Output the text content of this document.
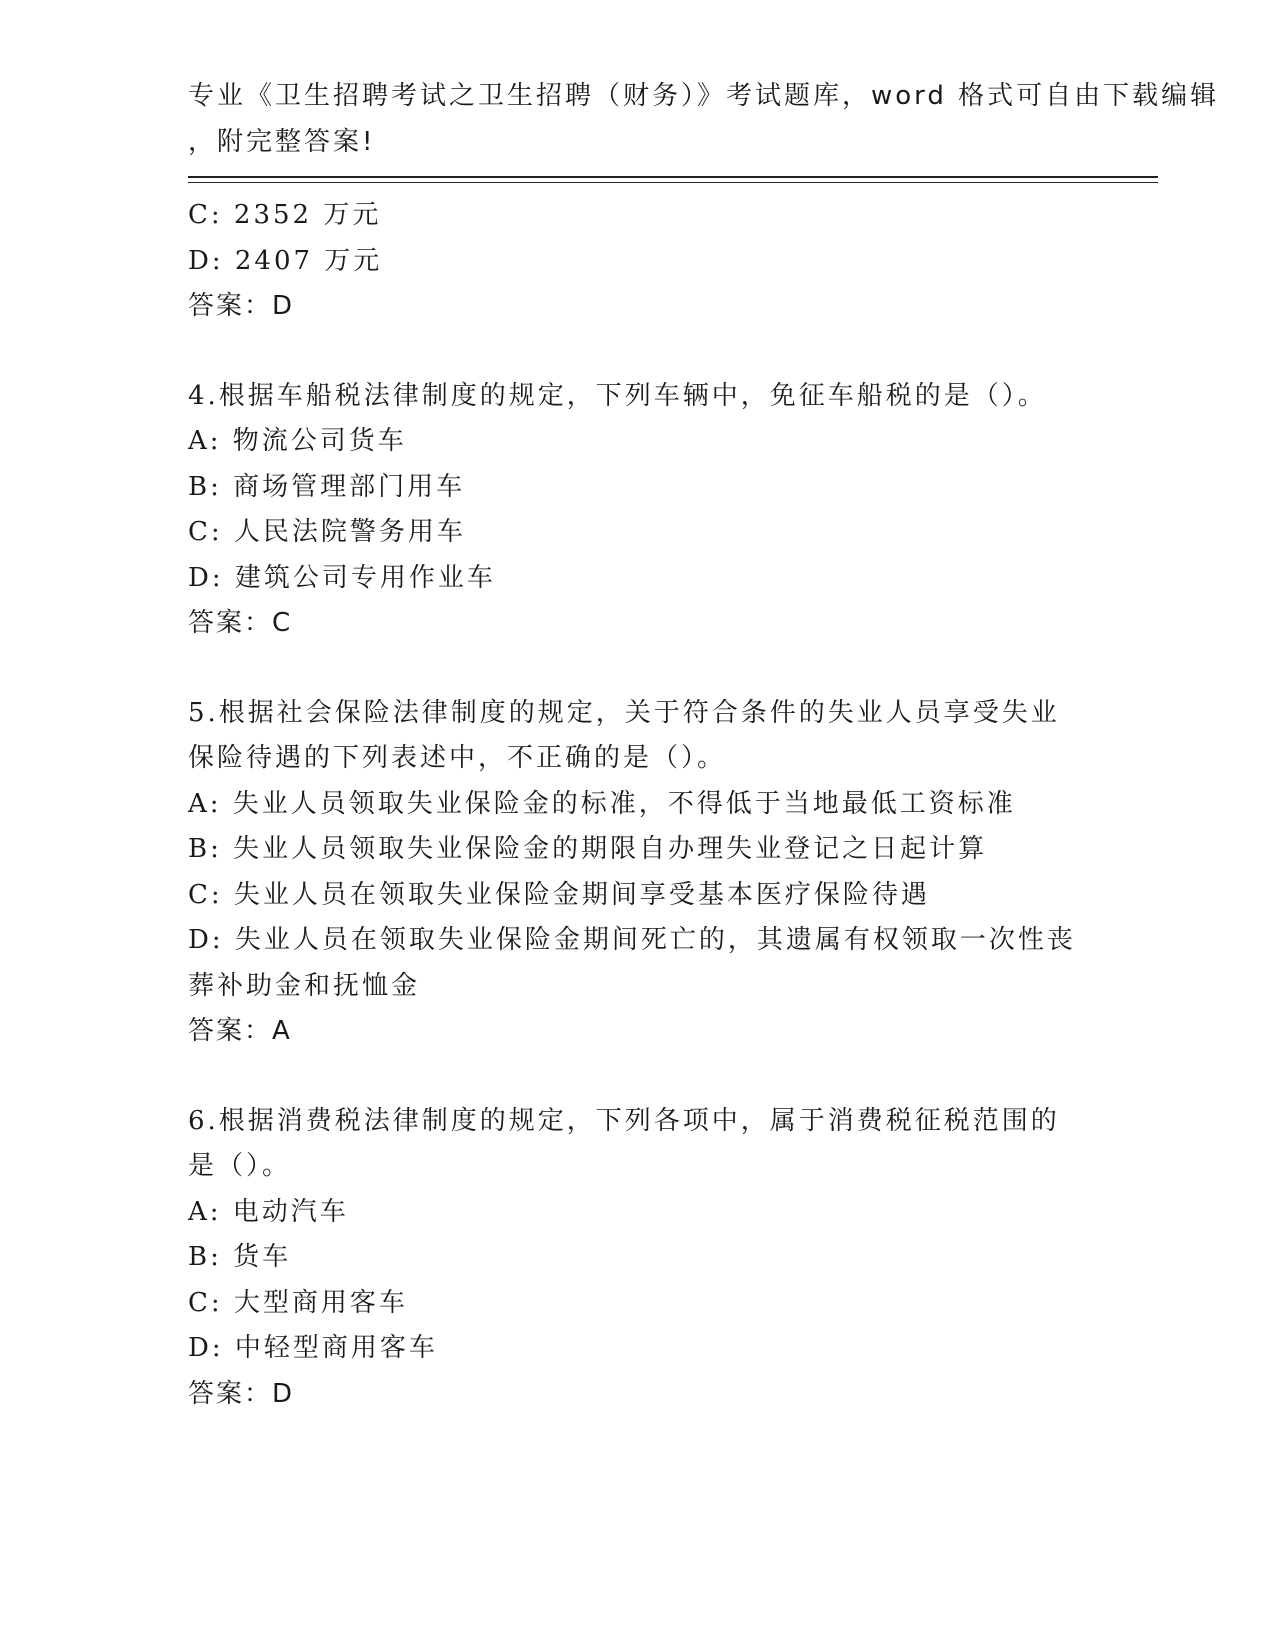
专业《卫生招聘考试之卫生招聘（财务）》考试题库，word 格式可自由下载编辑
，附完整答案!
C: 2352 万元
D: 2407 万元
答案：D
4.根据车船税法律制度的规定，下列车辆中，免征车船税的是（）。
A: 物流公司货车
B: 商场管理部门用车
C: 人民法院警务用车
D: 建筑公司专用作业车
答案：C
5.根据社会保险法律制度的规定，关于符合条件的失业人员享受失业
保险待遇的下列表述中，不正确的是（）。
A: 失业人员领取失业保险金的标准，不得低于当地最低工资标准
B: 失业人员领取失业保险金的期限自办理失业登记之日起计算
C: 失业人员在领取失业保险金期间享受基本医疗保险待遇
D: 失业人员在领取失业保险金期间死亡的，其遗属有权领取一次性丧
葬补助金和抚恤金
答案：A
6.根据消费税法律制度的规定，下列各项中，属于消费税征税范围的
是（）。
A: 电动汽车
B: 货车
C: 大型商用客车
D: 中轻型商用客车
答案：D
